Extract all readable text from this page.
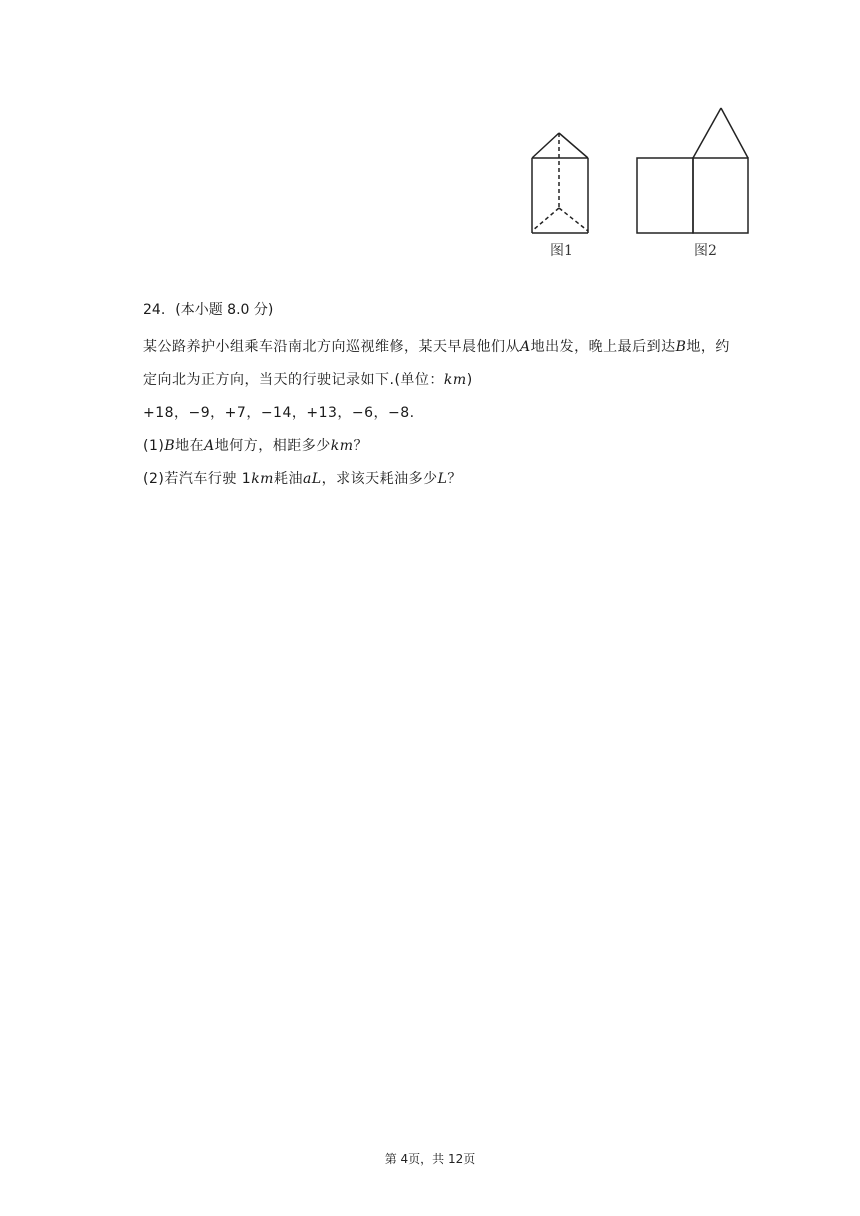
图1	图2
24. (本小题 8.0 分)
某公路养护小组乘车沿南北方向巡视维修，某天早晨他们从A地出发，晚上最后到达B地，约
定向北为正方向，当天的行驶记录如下.(单位：km)
+18，−9，+7，−14，+13，−6，−8.
(1)B地在A地何方，相距多少km？
(2)若汽车行驶 1km耗油aL，求该天耗油多少L？
第 4页，共 12页
